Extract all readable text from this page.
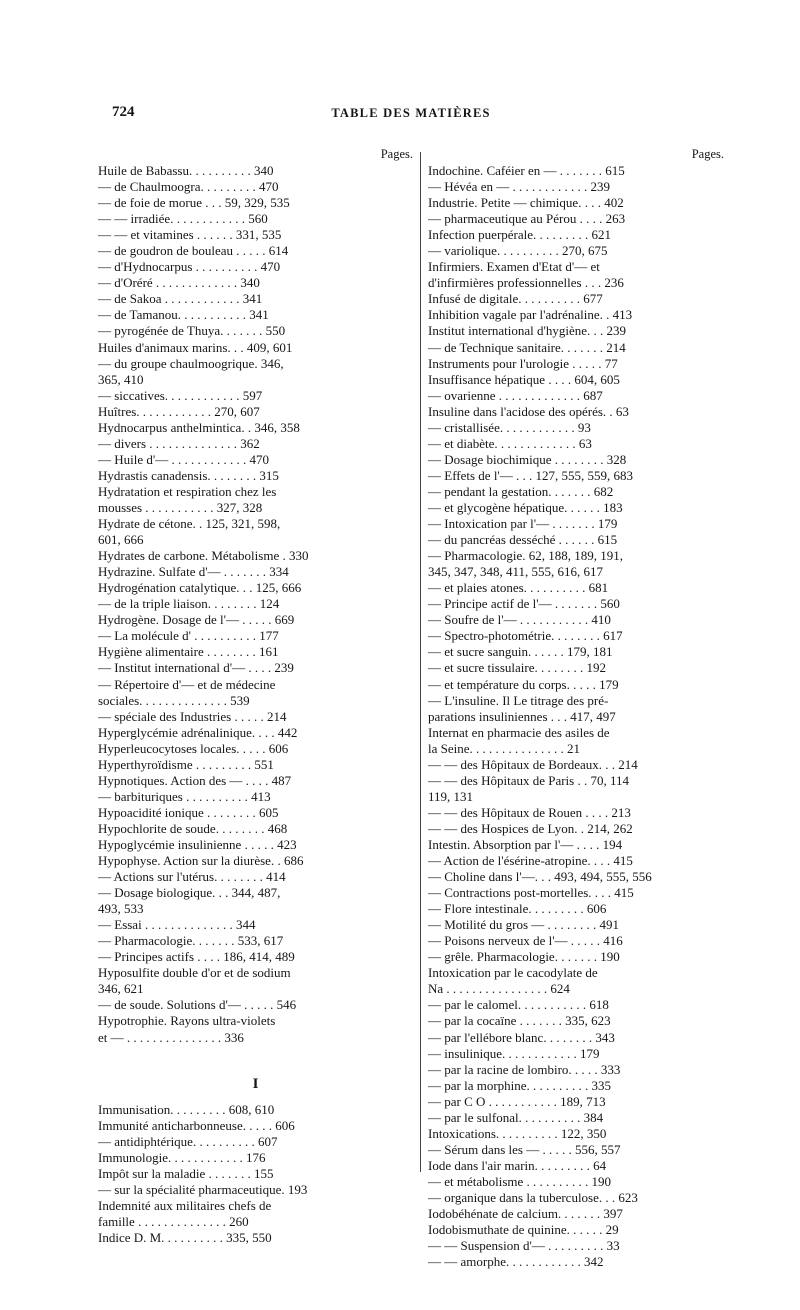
724	TABLE DES MATIÈRES
Pages.
Huile de Babassu. . . . . . . . . . 340
— de Chaulmoogra. . . . . . . . . 470
— de foie de morue . . . 59, 329, 535
— — irradiée. . . . . . . . . . . . 560
— — et vitamines . . . . . . 331, 535
— de goudron de bouleau . . . . . 614
— d'Hydnocarpus . . . . . . . . . . 470
— d'Oréré . . . . . . . . . . . . . 340
— de Sakoa . . . . . . . . . . . . 341
— de Tamanou. . . . . . . . . . . 341
— pyrogénée de Thuya. . . . . . . 550
Huiles d'animaux marins. . . 409, 601
— du groupe chaulmoogrique. 346,
365, 410
— siccatives. . . . . . . . . . . . 597
Huîtres. . . . . . . . . . . . 270, 607
Hydnocarpus anthelmintica. . 346, 358
— divers . . . . . . . . . . . . . . 362
— Huile d'— . . . . . . . . . . . . 470
Hydrastis canadensis. . . . . . . . 315
Hydratation et respiration chez les
mousses . . . . . . . . . . . 327, 328
Hydrate de cétone. . 125, 321, 598,
601, 666
Hydrates de carbone. Métabolisme . 330
Hydrazine. Sulfate d'— . . . . . . . 334
Hydrogénation catalytique. . . 125, 666
— de la triple liaison. . . . . . . . 124
Hydrogène. Dosage de l'— . . . . . 669
— La molécule d' . . . . . . . . . . 177
Hygiène alimentaire . . . . . . . . 161
— Institut international d'— . . . . 239
— Répertoire d'— et de médecine
sociales. . . . . . . . . . . . . . 539
— spéciale des Industries . . . . . 214
Hyperglycémie adrénalinique. . . . 442
Hyperleucocytoses locales. . . . . 606
Hyperthyroïdisme . . . . . . . . . 551
Hypnotiques. Action des — . . . . 487
— barbituriques . . . . . . . . . . 413
Hypoacidité ionique . . . . . . . . 605
Hypochlorite de soude. . . . . . . . 468
Hypoglycémie insulinienne . . . . . 423
Hypophyse. Action sur la diurèse. . 686
— Actions sur l'utérus. . . . . . . . 414
— Dosage biologique. . . 344, 487,
493, 533
— Essai . . . . . . . . . . . . . . 344
— Pharmacologie. . . . . . . 533, 617
— Principes actifs . . . . 186, 414, 489
Hyposulfite double d'or et de sodium
346, 621
— de soude. Solutions d'— . . . . . 546
Hypotrophie. Rayons ultra-violets
et — . . . . . . . . . . . . . . . 336
I
Immunisation. . . . . . . . . 608, 610
Immunité anticharbonneuse. . . . . 606
— antidiphtérique. . . . . . . . . . 607
Immunologie. . . . . . . . . . . . 176
Impôt sur la maladie . . . . . . . 155
— sur la spécialité pharmaceutique. 193
Indemnité aux militaires chefs de
famille . . . . . . . . . . . . . . 260
Indice D. M. . . . . . . . . . 335, 550
Pages.
Indochine. Caféier en — . . . . . . . 615
— Hévéa en — . . . . . . . . . . . . 239
Industrie. Petite — chimique. . . . 402
— pharmaceutique au Pérou . . . . 263
Infection puerpérale. . . . . . . . . 621
— variolique. . . . . . . . . . 270, 675
Infirmiers. Examen d'Etat d'— et
d'infirmières professionnelles . . . 236
Infusé de digitale. . . . . . . . . . 677
Inhibition vagale par l'adrénaline. . 413
Institut international d'hygiène. . . 239
— de Technique sanitaire. . . . . . . 214
Instruments pour l'urologie . . . . . 77
Insuffisance hépatique . . . . 604, 605
— ovarienne . . . . . . . . . . . . . 687
Insuline dans l'acidose des opérés. . 63
— cristallisée. . . . . . . . . . . . 93
— et diabète. . . . . . . . . . . . . 63
— Dosage biochimique . . . . . . . . 328
— Effets de l'— . . . 127, 555, 559, 683
— pendant la gestation. . . . . . . 682
— et glycogène hépatique. . . . . . 183
— Intoxication par l'— . . . . . . . 179
— du pancréas desséché . . . . . . 615
— Pharmacologie. 62, 188, 189, 191,
345, 347, 348, 411, 555, 616, 617
— et plaies atones. . . . . . . . . . 681
— Principe actif de l'— . . . . . . . 560
— Soufre de l'— . . . . . . . . . . . 410
— Spectro-photométrie. . . . . . . . 617
— et sucre sanguin. . . . . . 179, 181
— et sucre tissulaire. . . . . . . . 192
— et température du corps. . . . . 179
— L'insuline. Il Le titrage des pré-
parations insuliniennes . . . 417, 497
Internat en pharmacie des asiles de
la Seine. . . . . . . . . . . . . . . 21
— — des Hôpitaux de Bordeaux. . . 214
— — des Hôpitaux de Paris . . 70, 114
119, 131
— — des Hôpitaux de Rouen . . . . 213
— — des Hospices de Lyon. . 214, 262
Intestin. Absorption par l'— . . . . 194
— Action de l'ésérine-atropine. . . . 415
— Choline dans l'—. . . 493, 494, 555, 556
— Contractions post-mortelles. . . . 415
— Flore intestinale. . . . . . . . . 606
— Motilité du gros — . . . . . . . . 491
— Poisons nerveux de l'— . . . . . 416
— grêle. Pharmacologie. . . . . . . 190
Intoxication par le cacodylate de
Na . . . . . . . . . . . . . . . . 624
— par le calomel. . . . . . . . . . . 618
— par la cocaïne . . . . . . . 335, 623
— par l'ellébore blanc. . . . . . . . 343
— insulinique. . . . . . . . . . . . 179
— par la racine de lombiro. . . . . 333
— par la morphine. . . . . . . . . . 335
— par C O . . . . . . . . . . . 189, 713
— par le sulfonal. . . . . . . . . . 384
Intoxications. . . . . . . . . . 122, 350
— Sérum dans les — . . . . . 556, 557
Iode dans l'air marin. . . . . . . . . 64
— et métabolisme . . . . . . . . . . 190
— organique dans la tuberculose. . . 623
Iodobéhénate de calcium. . . . . . . 397
Iodobismuthate de quinine. . . . . . 29
— — Suspension d'— . . . . . . . . . 33
— — amorphe. . . . . . . . . . . . 342
